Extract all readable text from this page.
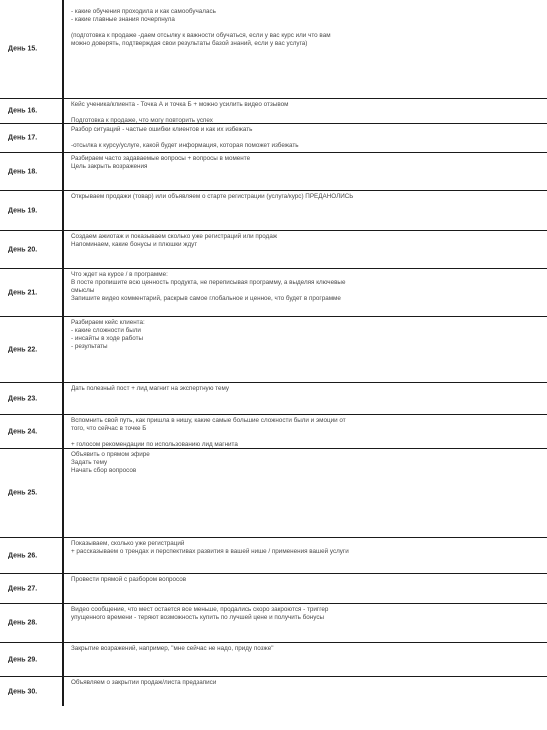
День 15.
- какие обучения проходила и как самообучалась
- какие главные знания почерпнула
(подготовка к продаже -даем отсылку к важности обучаться, если у вас курс или что вам
можно доверять, подтверждая свои результаты базой знаний, если у вас услуга)
День 16.
Кейс ученика/клиента - Точка А и точка Б + можно усилить видео отзывом
Подготовка к продаже, что могу повторить успех
День 17.
Разбор ситуаций - частые ошибки клиентов и как их избежать
-отсылка к курсу/услуге, какой будет информация, которая поможет избежать
День 18.
Разбираем часто задаваемые вопросы + вопросы в моменте
Цель закрыть возражения
День 19.
Открываем продажи (товар) или объявляем о старте регистрации (услуга/курс) ПРЕДАНОЛИСЬ
День 20.
Создаем ажиотаж и показываем сколько уже регистраций или продаж
Напоминаем, какие бонусы и плюшки ждут
День 21.
Что ждет на курсе / в программе:
В посте пропишите всю ценность продукта, не переписывая программу, а выделяя ключевые
смыслы
Запишите видео комментарий, раскрыв самое глобальное и ценное, что будет в программе
День 22.
Разбираем кейс клиента:
- какие сложности были
- инсайты в ходе работы
- результаты
День 23.
Дать полезный пост + лид магнит на экспертную тему
День 24.
Вспомнить свой путь, как пришла в нишу, какие самые большие сложности были и эмоции от
того, что сейчас в точке Б
+ голосом рекомендации по использованию лид магнита
День 25.
Объявить о прямом эфире
Задать тему
Начать сбор вопросов
День 26.
Показываем, сколько уже регистраций
+ рассказываем о трендах и перспективах развития в вашей нише / применения вашей услуги
День 27.
Провести прямой с разбором вопросов
День 28.
Видео сообщение, что мест остается все меньше, продались скоро закроются - триггер
упущенного времени - теряют возможность купить по лучшей цене и получить бонусы
День 29.
Закрытие возражений, например, "мне сейчас не надо, приду позже"
День 30.
Объявляем о закрытии продаж/листа предзаписи
